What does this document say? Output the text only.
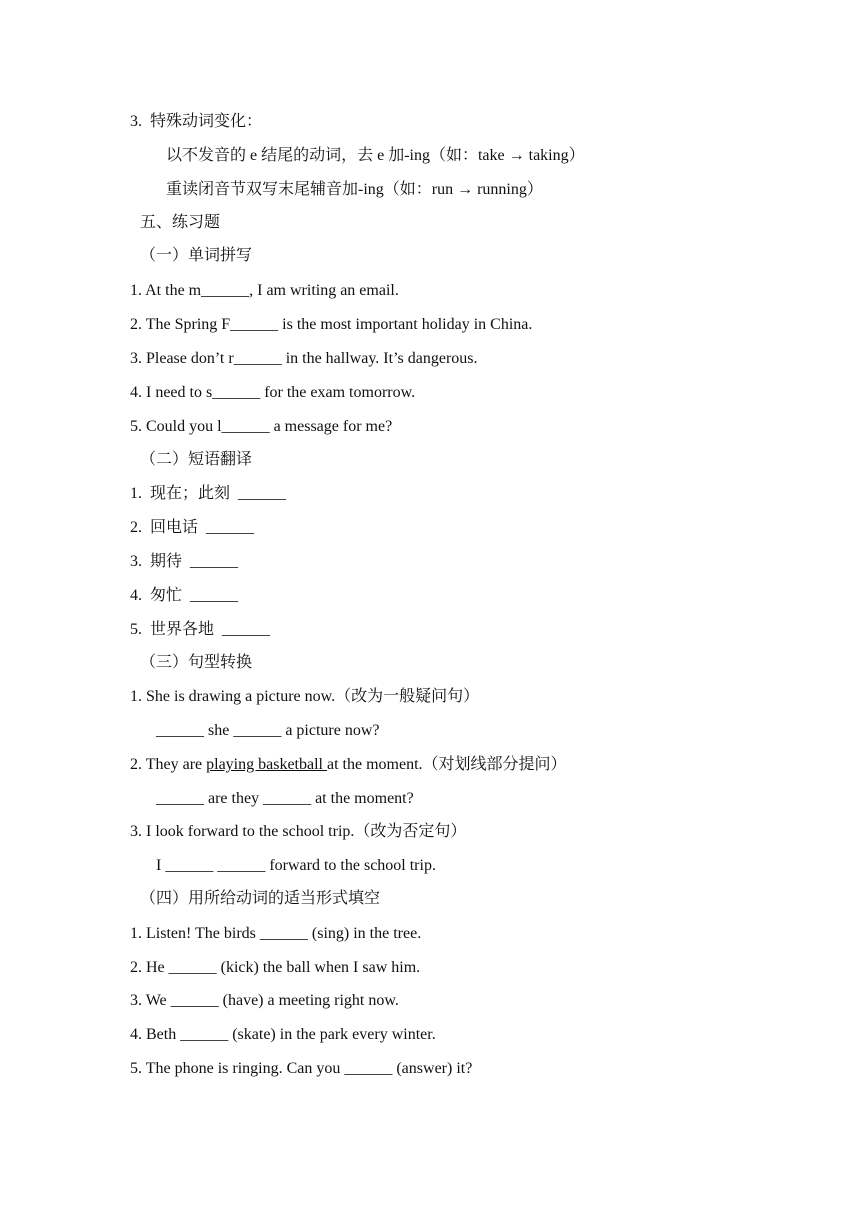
3.  特殊动词变化：
以不发音的 e 结尾的动词，去 e 加-ing（如：take → taking）
重读闭音节双写末尾辅音加-ing（如：run → running）
五、练习题
（一）单词拼写
1. At the m______, I am writing an email.
2. The Spring F______ is the most important holiday in China.
3. Please don’t r______ in the hallway. It’s dangerous.
4. I need to s______ for the exam tomorrow.
5. Could you l______ a message for me?
（二）短语翻译
1.  现在；此刻  ______
2.  回电话  ______
3.  期待  ______
4.  匆忙  ______
5.  世界各地  ______
（三）句型转换
1. She is drawing a picture now.（改为一般疑问句）
______ she ______ a picture now?
2. They are playing basketball at the moment.（对划线部分提问）
______ are they ______ at the moment?
3. I look forward to the school trip.（改为否定句）
I ______ ______ forward to the school trip.
（四）用所给动词的适当形式填空
1. Listen! The birds ______ (sing) in the tree.
2. He ______ (kick) the ball when I saw him.
3. We ______ (have) a meeting right now.
4. Beth ______ (skate) in the park every winter.
5. The phone is ringing. Can you ______ (answer) it?
